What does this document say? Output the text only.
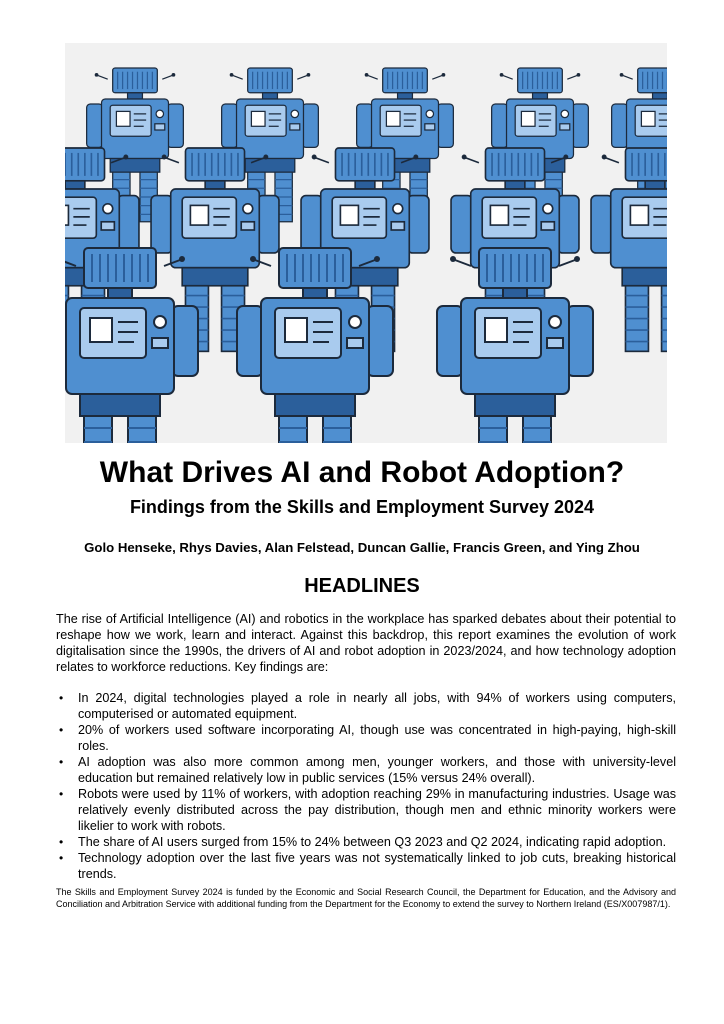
What Drives AI and Robot Adoption?
Findings from the Skills and Employment Survey 2024

Golo Henseke, Rhys Davies, Alan Felstead, Duncan Gallie, Francis Green, and Ying Zhou

HEADLINES

The rise of Artificial Intelligence (AI) and robotics in the workplace has sparked debates about their potential to reshape how we work, learn and interact. Against this backdrop, this report examines the evolution of work digitalisation since the 1990s, the drivers of AI and robot adoption in 2023/2024, and how technology adoption relates to workforce reductions. Key findings are:

• In 2024, digital technologies played a role in nearly all jobs, with 94% of workers using computers, computerised or automated equipment.
• 20% of workers used software incorporating AI, though use was concentrated in high-paying, high-skill roles.
• AI adoption was also more common among men, younger workers, and those with university-level education but remained relatively low in public services (15% versus 24% overall).
• Robots were used by 11% of workers, with adoption reaching 29% in manufacturing industries. Usage was relatively evenly distributed across the pay distribution, though men and ethnic minority workers were likelier to work with robots.
• The share of AI users surged from 15% to 24% between Q3 2023 and Q2 2024, indicating rapid adoption.
• Technology adoption over the last five years was not systematically linked to job cuts, breaking historical trends.

The Skills and Employment Survey 2024 is funded by the Economic and Social Research Council, the Department for Education, and the Advisory and Conciliation and Arbitration Service with additional funding from the Department for the Economy to extend the survey to Northern Ireland (ES/X007987/1).
